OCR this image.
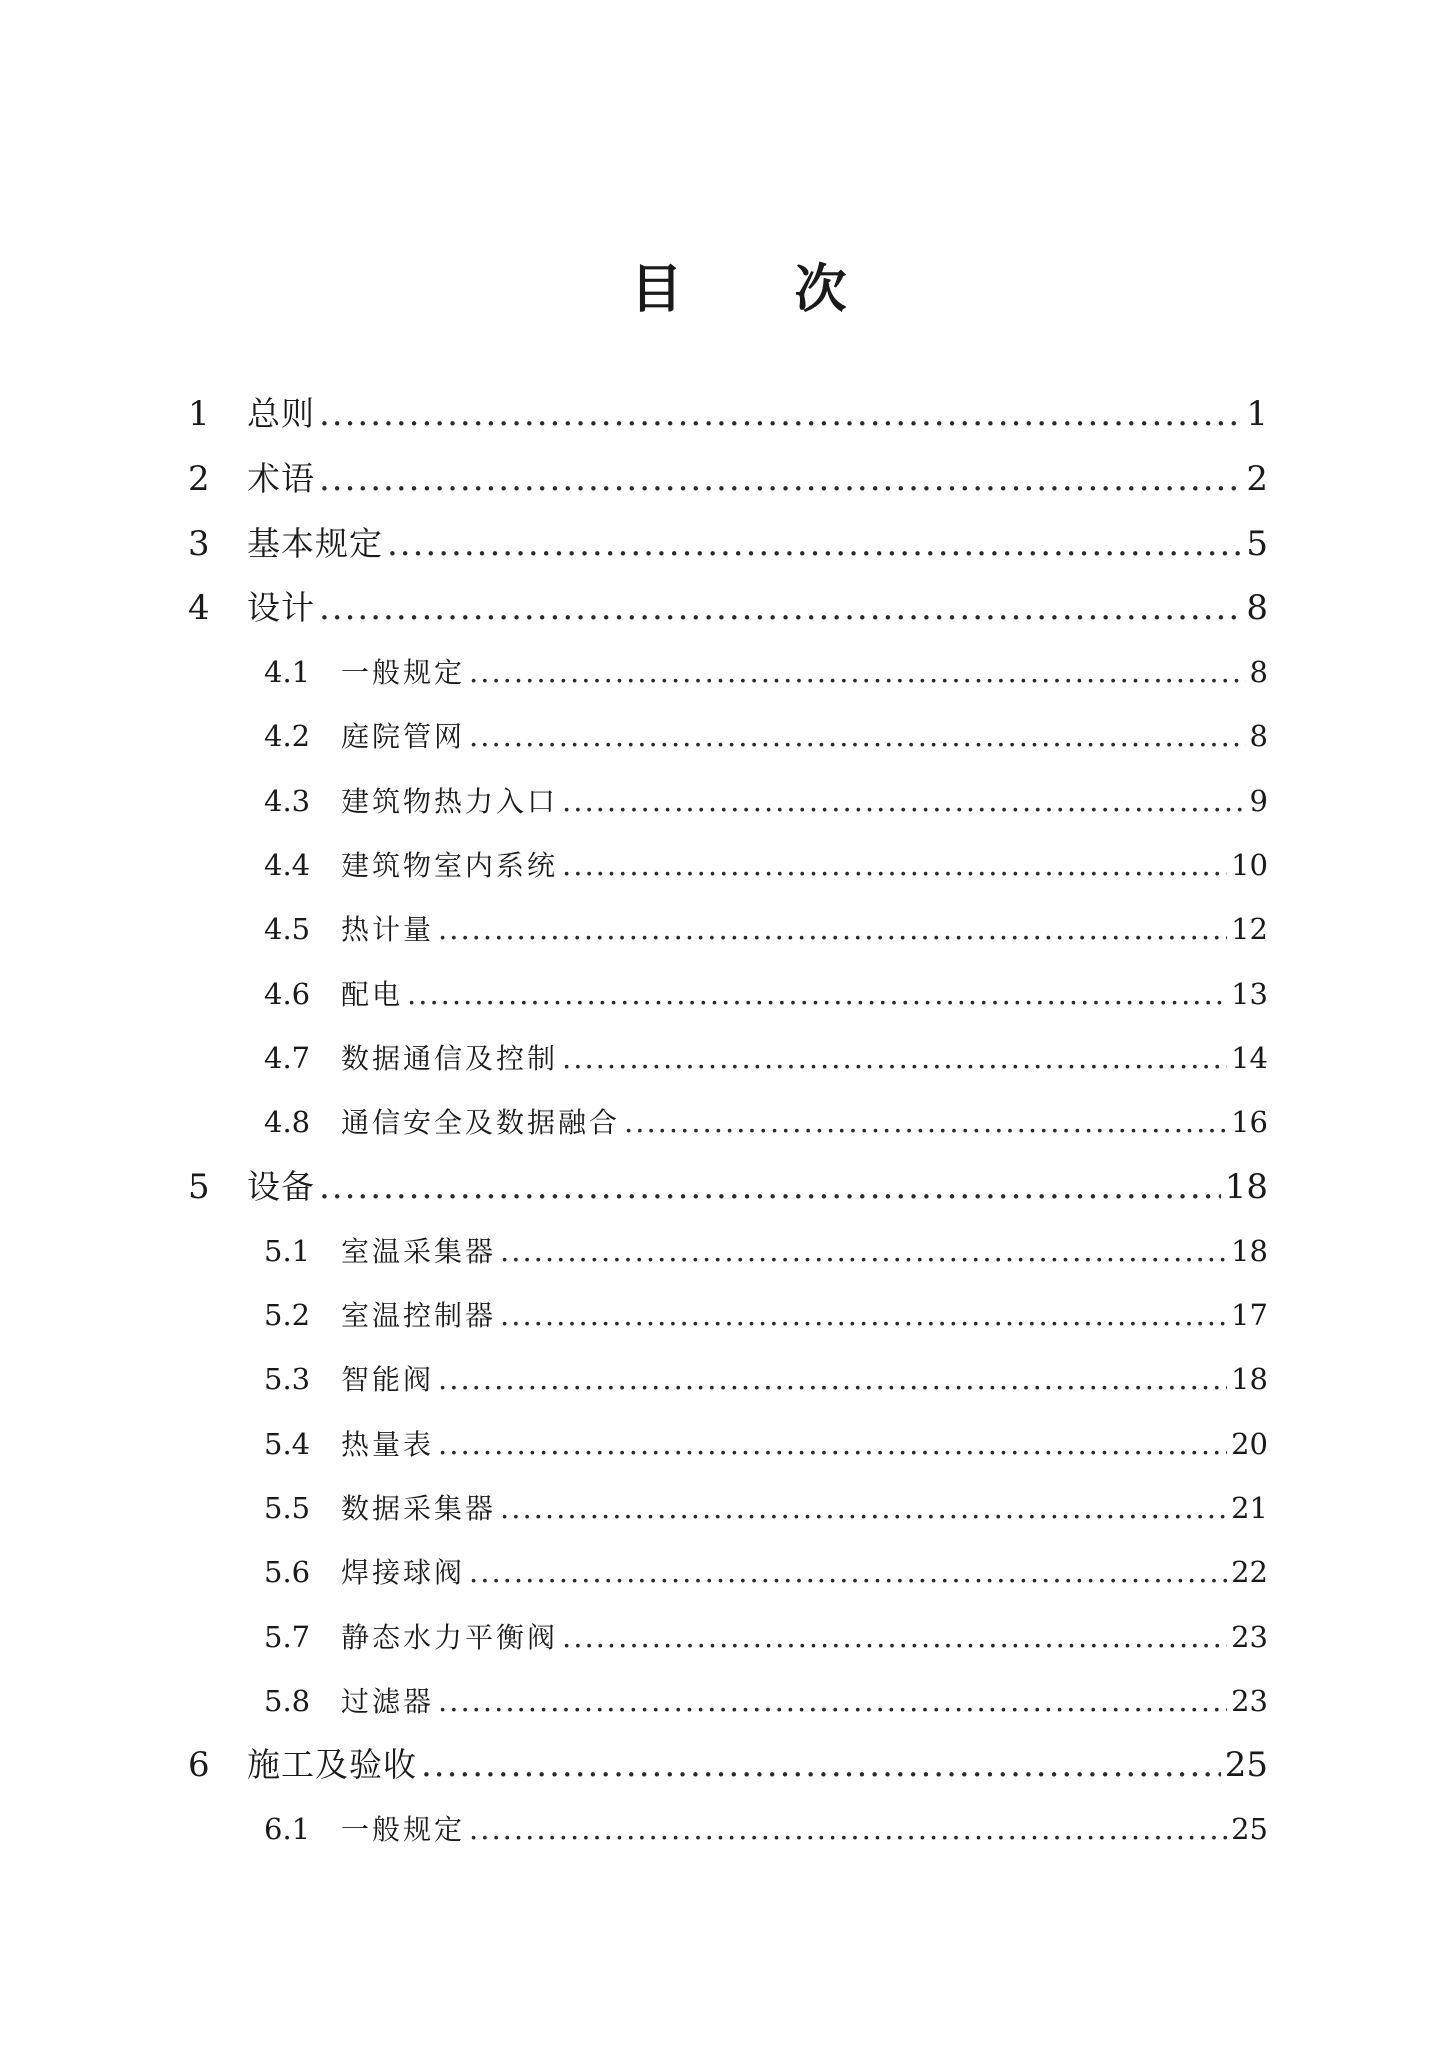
目 次
1	总则 .....	1
2	术语 .....	2
3	基本规定 .....	5
4	设计 .....	8
4.1	一般规定 .....	8
4.2	庭院管网 .....	8
4.3	建筑物热力入口 .....	9
4.4	建筑物室内系统 .....	10
4.5	热计量 .....	12
4.6	配电 .....	13
4.7	数据通信及控制 .....	14
4.8	通信安全及数据融合 .....	16
5	设备 .....	18
5.1	室温采集器 .....	18
5.2	室温控制器 .....	17
5.3	智能阀 .....	18
5.4	热量表 .....	20
5.5	数据采集器 .....	21
5.6	焊接球阀 .....	22
5.7	静态水力平衡阀 .....	23
5.8	过滤器 .....	23
6	施工及验收 .....	25
6.1	一般规定 .....	25
